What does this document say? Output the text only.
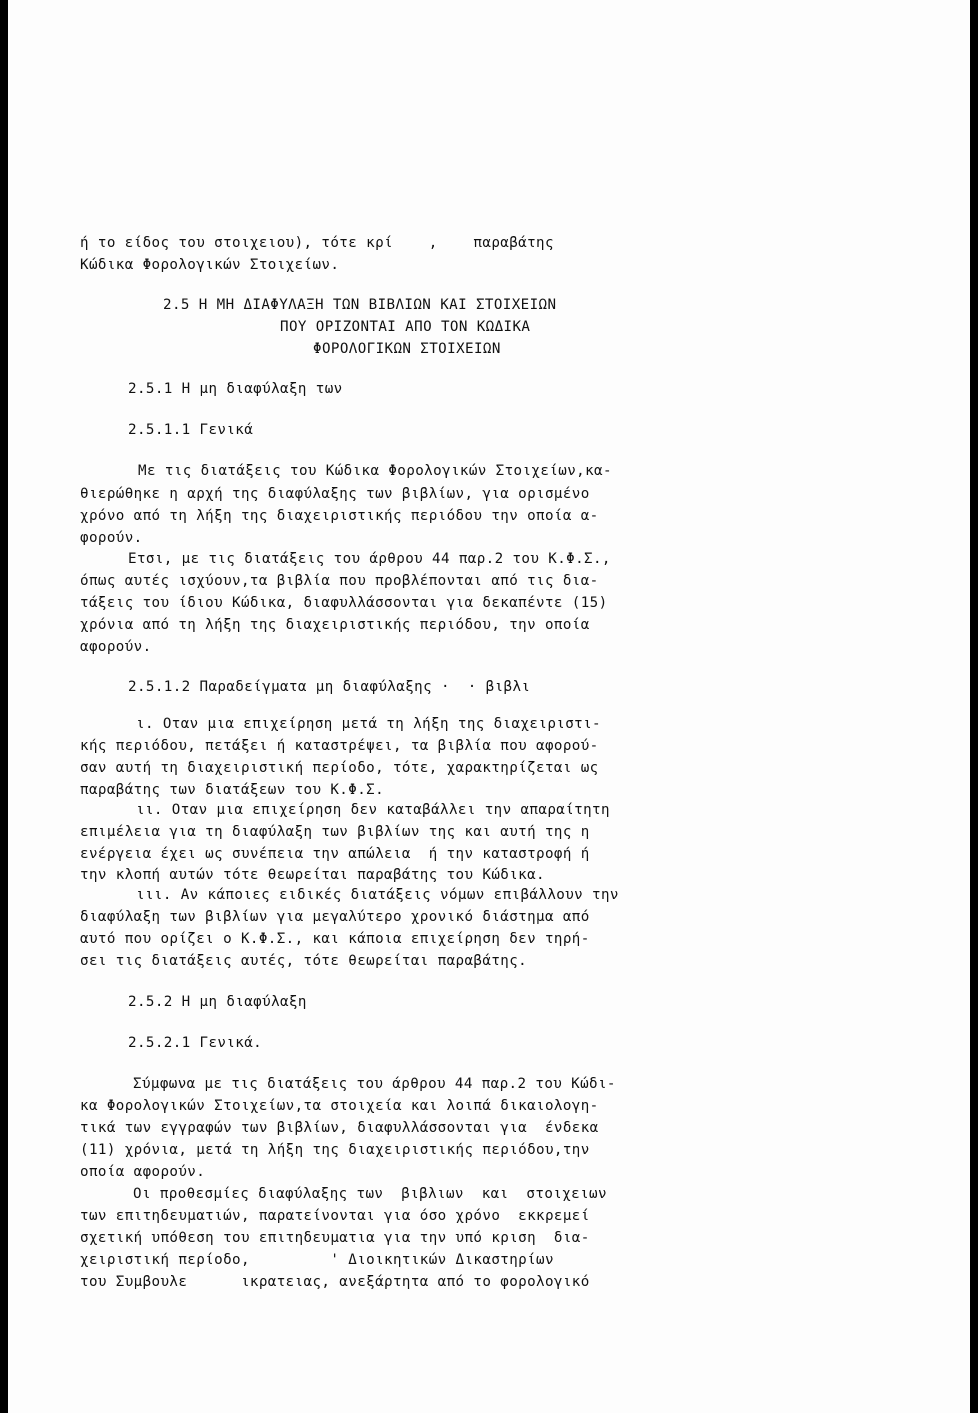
ή το είδος του στοιχειου), τότε κρί    ,    παραβάτης
Κώδικα Φορολογικών Στοιχείων.
2.5 Η ΜΗ ΔΙΑΦΥΛΑΞΗ ΤΩΝ ΒΙΒΛΙΩΝ ΚΑΙ ΣΤΟΙΧΕΙΩΝ
ΠΟΥ ΟΡΙΖΟΝΤΑΙ ΑΠΟ ΤΟΝ ΚΩΔΙΚΑ
ΦΟΡΟΛΟΓΙΚΩΝ ΣΤΟΙΧΕΙΩΝ
2.5.1 Η μη διαφύλαξη των
2.5.1.1 Γενικά
Με τις διατάξεις του Κώδικα Φορολογικών Στοιχείων,κα-
θιερώθηκε η αρχή της διαφύλαξης των βιβλίων, για ορισμένο
χρόνο από τη λήξη της διαχειριστικής περιόδου την οποία α-
φορούν.
Ετσι, με τις διατάξεις του άρθρου 44 παρ.2 του Κ.Φ.Σ.,
όπως αυτές ισχύουν,τα βιβλία που προβλέπονται από τις δια-
τάξεις του ίδιου Κώδικα, διαφυλλάσσονται για δεκαπέντε (15)
χρόνια από τη λήξη της διαχειριστικής περιόδου, την οποία
αφορούν.
2.5.1.2 Παραδείγματα μη διαφύλαξης ·  · βιβλι
ι. Οταν μια επιχείρηση μετά τη λήξη της διαχειριστι-
κής περιόδου, πετάξει ή καταστρέψει, τα βιβλία που αφορού-
σαν αυτή τη διαχειριστική περίοδο, τότε, χαρακτηρίζεται ως
παραβάτης των διατάξεων του Κ.Φ.Σ.
ιι. Οταν μια επιχείρηση δεν καταβάλλει την απαραίτητη
επιμέλεια για τη διαφύλαξη των βιβλίων της και αυτή της η
ενέργεια έχει ως συνέπεια την απώλεια  ή την καταστροφή ή
την κλοπή αυτών τότε θεωρείται παραβάτης του Κώδικα.
ιιι. Αν κάποιες ειδικές διατάξεις νόμων επιβάλλουν την
διαφύλαξη των βιβλίων για μεγαλύτερο χρονικό διάστημα από
αυτό που ορίζει ο Κ.Φ.Σ., και κάποια επιχείρηση δεν τηρή-
σει τις διατάξεις αυτές, τότε θεωρείται παραβάτης.
2.5.2 Η μη διαφύλαξη
2.5.2.1 Γενικά.
Σύμφωνα με τις διατάξεις του άρθρου 44 παρ.2 του Κώδι-
κα Φορολογικών Στοιχείων,τα στοιχεία και λοιπά δικαιολογη-
τικά των εγγραφών των βιβλίων, διαφυλλάσσονται για  ένδεκα
(11) χρόνια, μετά τη λήξη της διαχειριστικής περιόδου,την
οποία αφορούν.
Οι προθεσμίες διαφύλαξης των  βιβλιων  και  στοιχειων
των επιτηδευματιών, παρατείνονται για όσο χρόνο  εκκρεμεί
σχετική υπόθεση του επιτηδευματια για την υπό κριση  δια-
χειριστική περίοδο,         ' Διοικητικών Δικαστηρίων
του Συμβουλε      ικρατειας, ανεξάρτητα από το φορολογικό
